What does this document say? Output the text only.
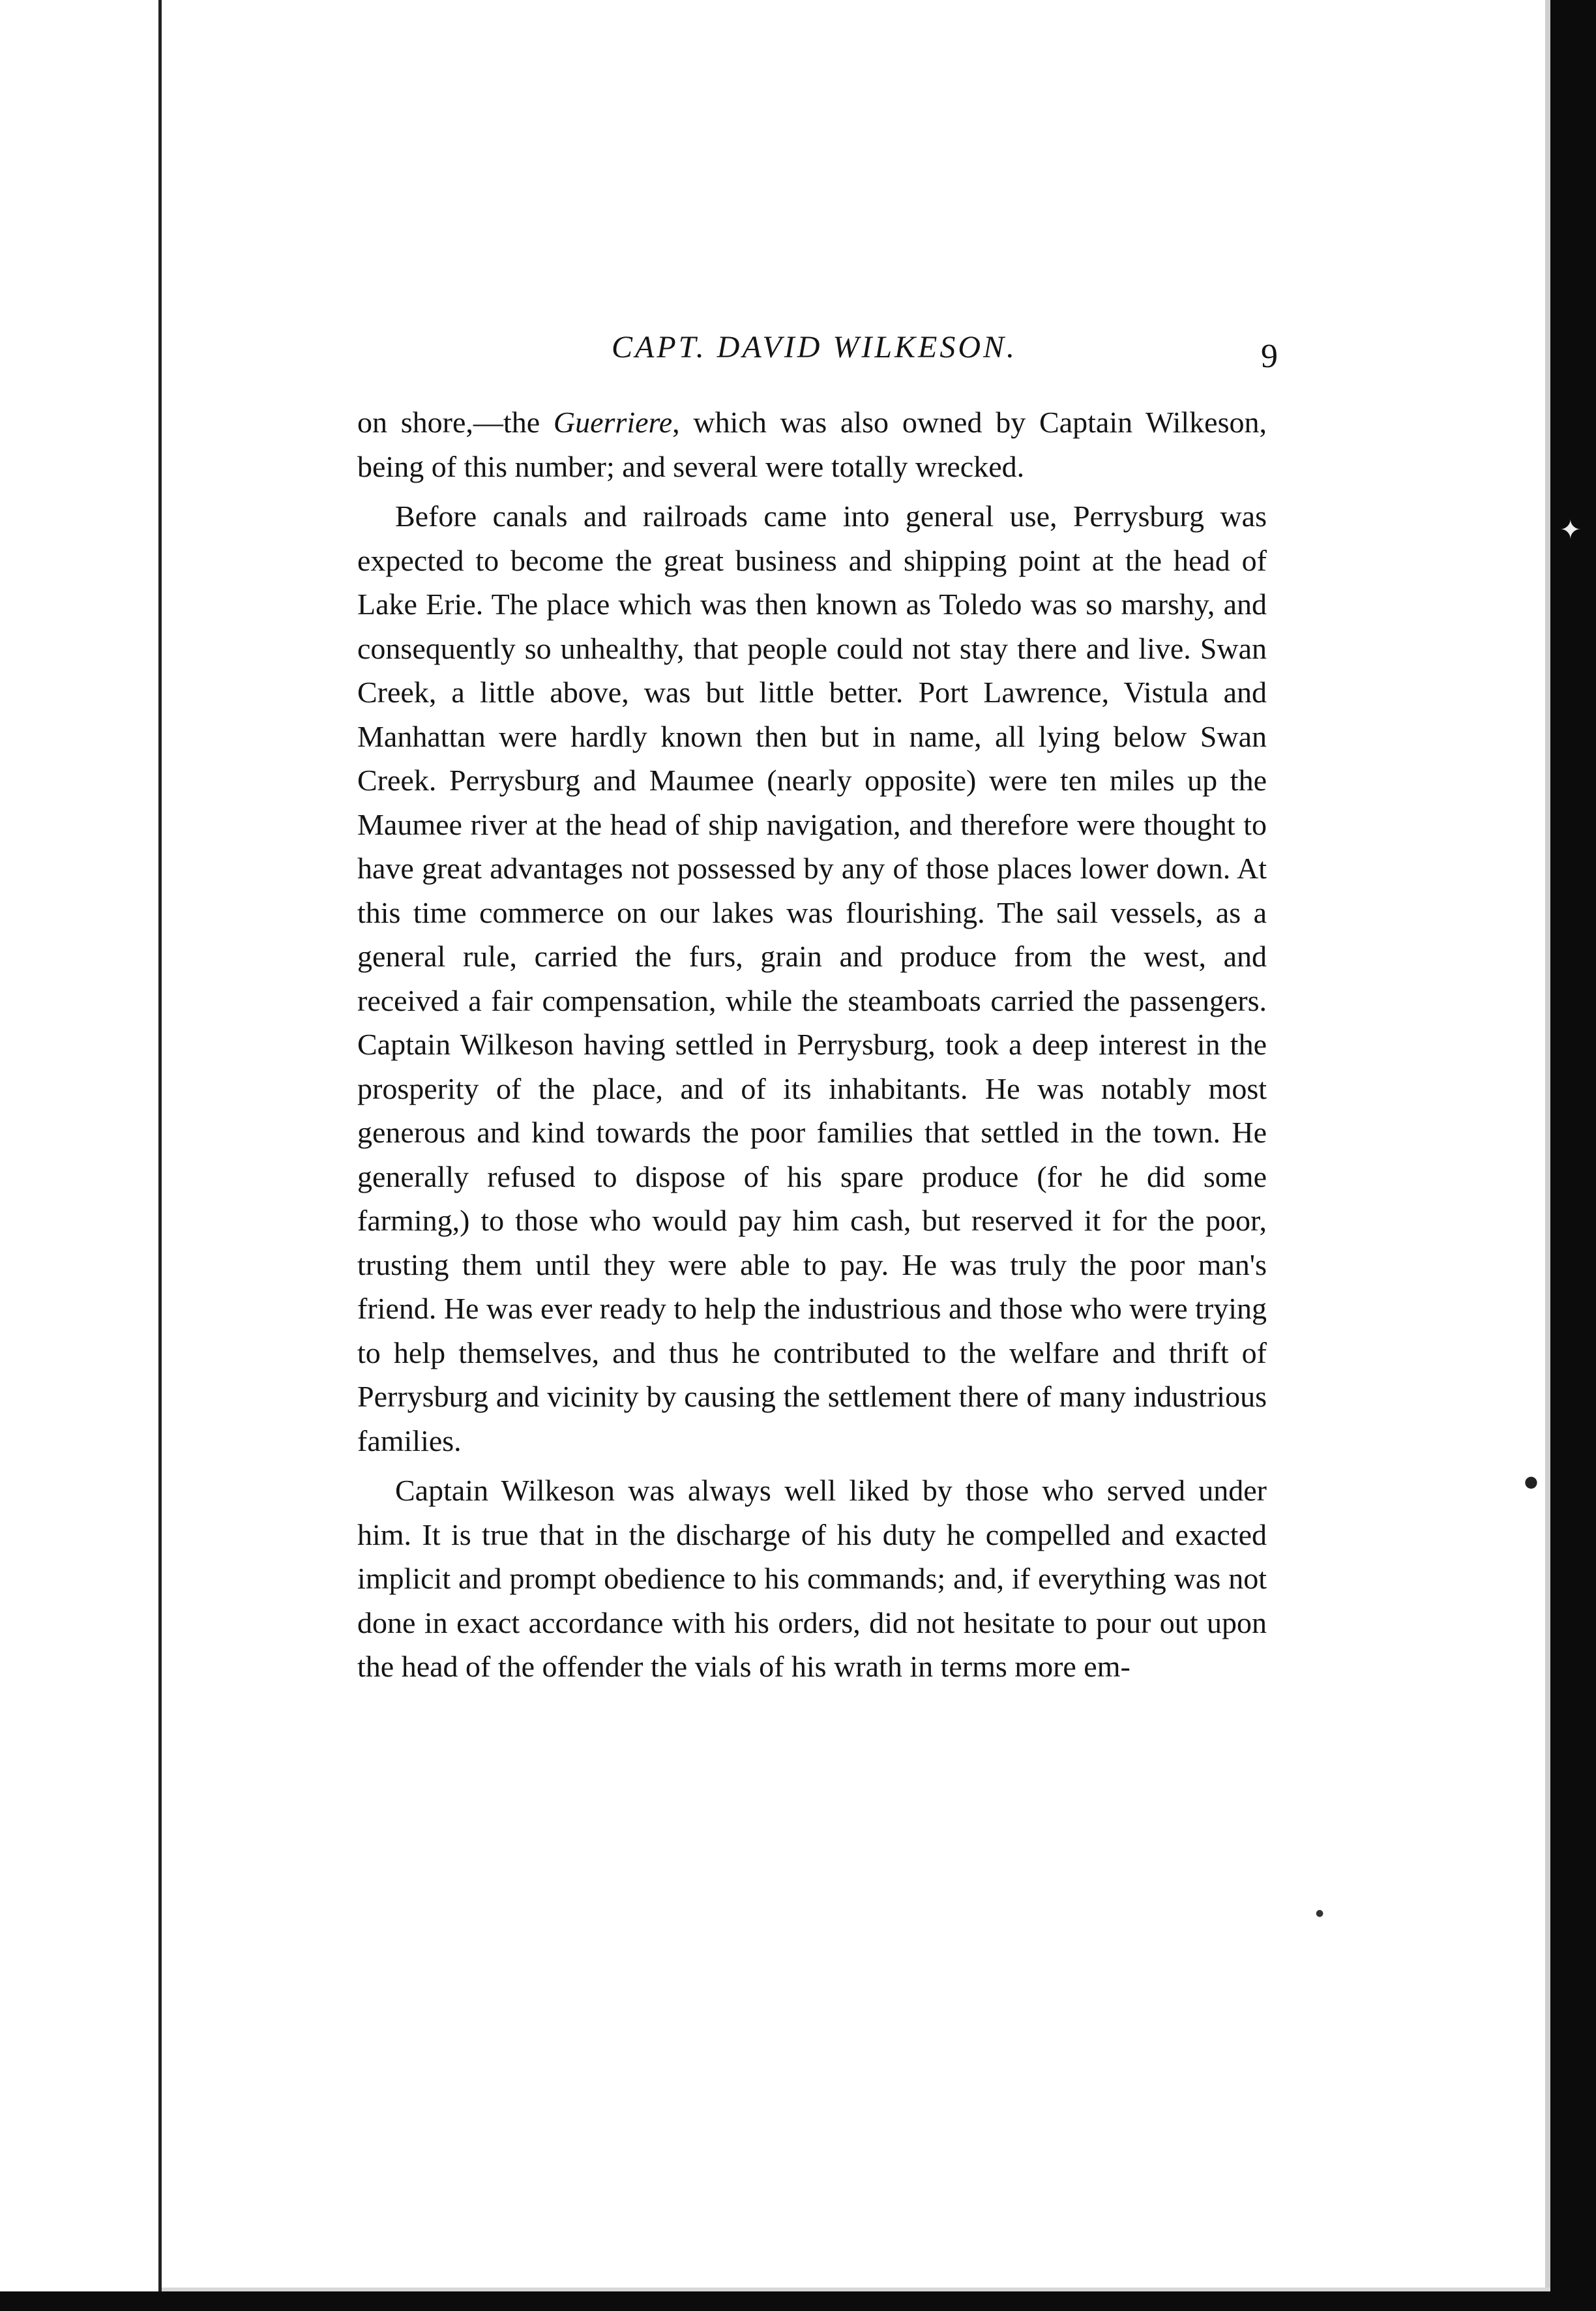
✦
●
●
CAPT. DAVID WILKESON.	9

on shore,—the Guerriere, which was also owned by Captain Wilkeson, being of this number; and several were totally wrecked.

Before canals and railroads came into general use, Perrysburg was expected to become the great business and shipping point at the head of Lake Erie. The place which was then known as Toledo was so marshy, and consequently so unhealthy, that people could not stay there and live. Swan Creek, a little above, was but little better. Port Lawrence, Vistula and Manhattan were hardly known then but in name, all lying below Swan Creek. Perrysburg and Maumee (nearly opposite) were ten miles up the Maumee river at the head of ship navigation, and therefore were thought to have great advantages not possessed by any of those places lower down. At this time commerce on our lakes was flourishing. The sail vessels, as a general rule, carried the furs, grain and produce from the west, and received a fair compensation, while the steamboats carried the passengers. Captain Wilkeson having settled in Perrysburg, took a deep interest in the prosperity of the place, and of its inhabitants. He was notably most generous and kind towards the poor families that settled in the town. He generally refused to dispose of his spare produce (for he did some farming,) to those who would pay him cash, but reserved it for the poor, trusting them until they were able to pay. He was truly the poor man's friend. He was ever ready to help the industrious and those who were trying to help themselves, and thus he contributed to the welfare and thrift of Perrysburg and vicinity by causing the settlement there of many industrious families.

Captain Wilkeson was always well liked by those who served under him. It is true that in the discharge of his duty he compelled and exacted implicit and prompt obedience to his commands; and, if everything was not done in exact accordance with his orders, did not hesitate to pour out upon the head of the offender the vials of his wrath in terms more em-
